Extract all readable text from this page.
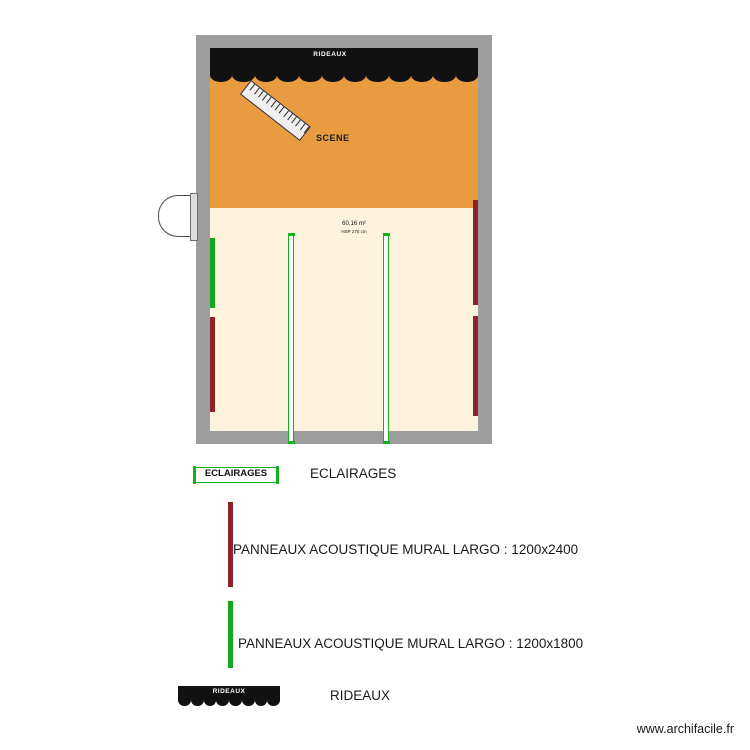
RIDEAUX
SCENE
60,16 m²
HSP 275 cm
ECLAIRAGES	ECLAIRAGES
PANNEAUX ACOUSTIQUE MURAL LARGO : 1200x2400
PANNEAUX ACOUSTIQUE MURAL LARGO : 1200x1800
RIDEAUX	RIDEAUX
www.archifacile.fr
